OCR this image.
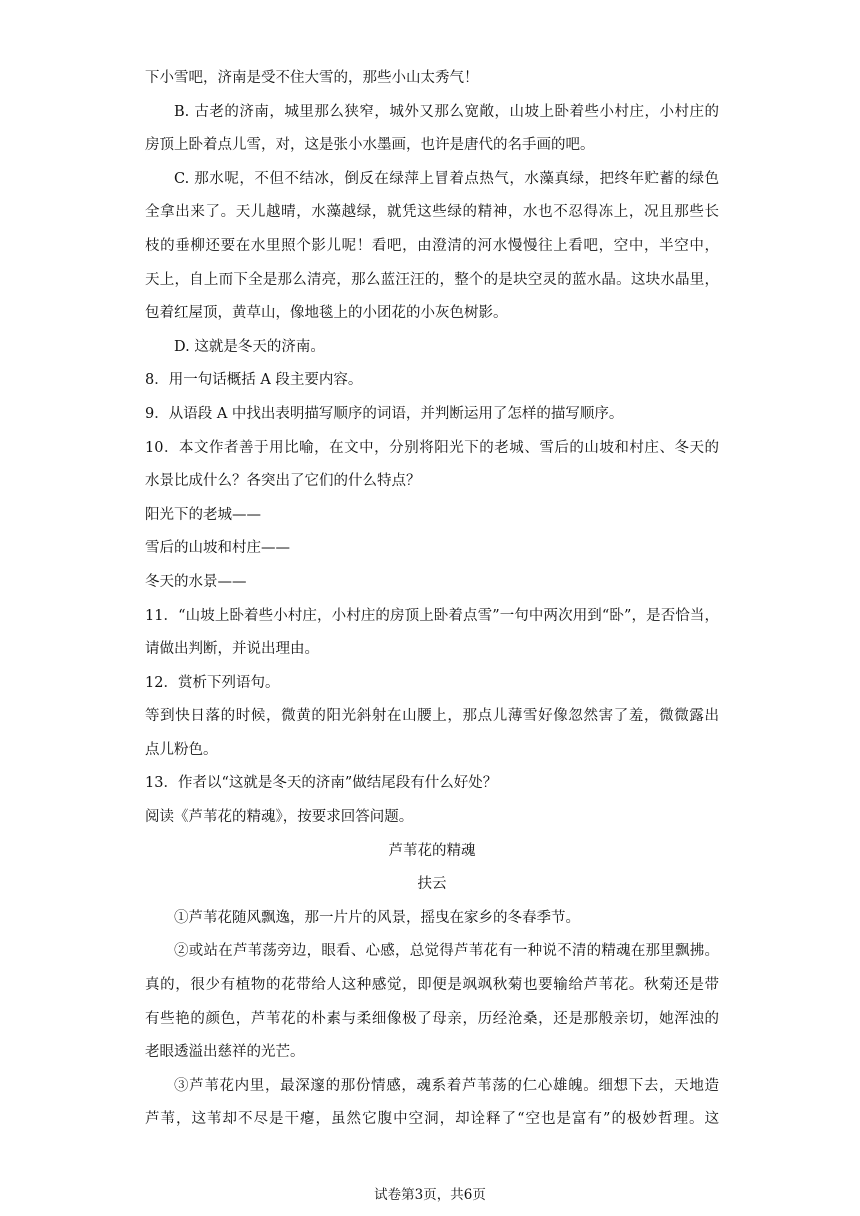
下小雪吧，济南是受不住大雪的，那些小山太秀气！
B. 古老的济南，城里那么狭窄，城外又那么宽敞，山坡上卧着些小村庄，小村庄的
房顶上卧着点儿雪，对，这是张小水墨画，也许是唐代的名手画的吧。
C. 那水呢，不但不结冰，倒反在绿萍上冒着点热气，水藻真绿，把终年贮蓄的绿色
全拿出来了。天儿越晴，水藻越绿，就凭这些绿的精神，水也不忍得冻上，况且那些长
枝的垂柳还要在水里照个影儿呢！看吧，由澄清的河水慢慢往上看吧，空中，半空中，
天上，自上而下全是那么清亮，那么蓝汪汪的，整个的是块空灵的蓝水晶。这块水晶里，
包着红屋顶，黄草山，像地毯上的小团花的小灰色树影。
D. 这就是冬天的济南。
8．用一句话概括 A 段主要内容。
9．从语段 A 中找出表明描写顺序的词语，并判断运用了怎样的描写顺序。
10．本文作者善于用比喻，在文中，分别将阳光下的老城、雪后的山坡和村庄、冬天的
水景比成什么？各突出了它们的什么特点？
阳光下的老城——
雪后的山坡和村庄——
冬天的水景——
11．“山坡上卧着些小村庄，小村庄的房顶上卧着点雪”一句中两次用到“卧”，是否恰当，
请做出判断，并说出理由。
12．赏析下列语句。
等到快日落的时候，微黄的阳光斜射在山腰上，那点儿薄雪好像忽然害了羞，微微露出
点儿粉色。
13．作者以“这就是冬天的济南”做结尾段有什么好处？
阅读《芦苇花的精魂》，按要求回答问题。
芦苇花的精魂
扶云
①芦苇花随风飘逸，那一片片的风景，摇曳在家乡的冬春季节。
②或站在芦苇荡旁边，眼看、心感，总觉得芦苇花有一种说不清的精魂在那里飘拂。
真的，很少有植物的花带给人这种感觉，即便是飒飒秋菊也要输给芦苇花。秋菊还是带
有些艳的颜色，芦苇花的朴素与柔细像极了母亲，历经沧桑，还是那般亲切，她浑浊的
老眼透溢出慈祥的光芒。
③芦苇花内里，最深邃的那份情感，魂系着芦苇荡的仁心雄魄。细想下去，天地造
芦苇，这苇却不尽是干瘪，虽然它腹中空洞，却诠释了“空也是富有”的极妙哲理。这
试卷第3页，共6页
